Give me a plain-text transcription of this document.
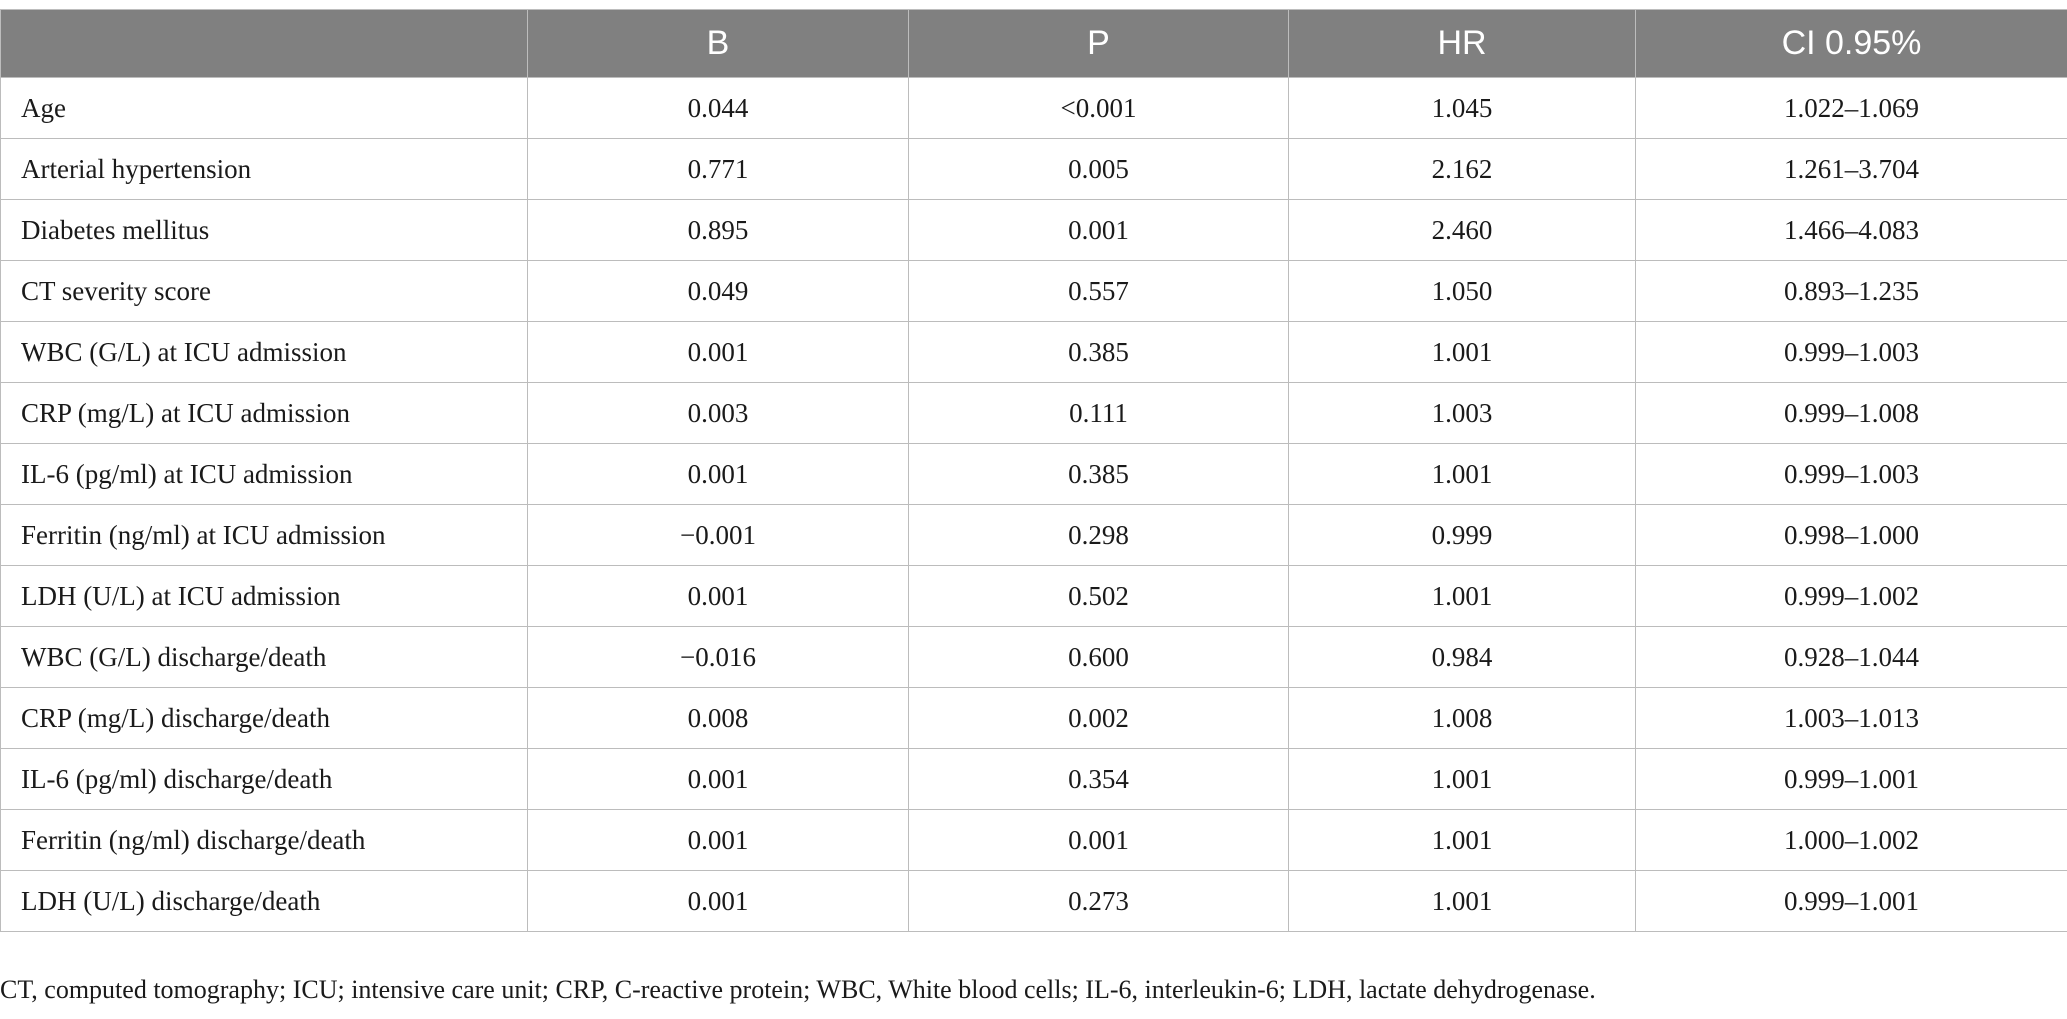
	B	P	HR	CI 0.95%
Age	0.044	<0.001	1.045	1.022–1.069
Arterial hypertension	0.771	0.005	2.162	1.261–3.704
Diabetes mellitus	0.895	0.001	2.460	1.466–4.083
CT severity score	0.049	0.557	1.050	0.893–1.235
WBC (G/L) at ICU admission	0.001	0.385	1.001	0.999–1.003
CRP (mg/L) at ICU admission	0.003	0.111	1.003	0.999–1.008
IL-6 (pg/ml) at ICU admission	0.001	0.385	1.001	0.999–1.003
Ferritin (ng/ml) at ICU admission	−0.001	0.298	0.999	0.998–1.000
LDH (U/L) at ICU admission	0.001	0.502	1.001	0.999–1.002
WBC (G/L) discharge/death	−0.016	0.600	0.984	0.928–1.044
CRP (mg/L) discharge/death	0.008	0.002	1.008	1.003–1.013
IL-6 (pg/ml) discharge/death	0.001	0.354	1.001	0.999–1.001
Ferritin (ng/ml) discharge/death	0.001	0.001	1.001	1.000–1.002
LDH (U/L) discharge/death	0.001	0.273	1.001	0.999–1.001
CT, computed tomography; ICU; intensive care unit; CRP, C-reactive protein; WBC, White blood cells; IL-6, interleukin-6; LDH, lactate dehydrogenase.
